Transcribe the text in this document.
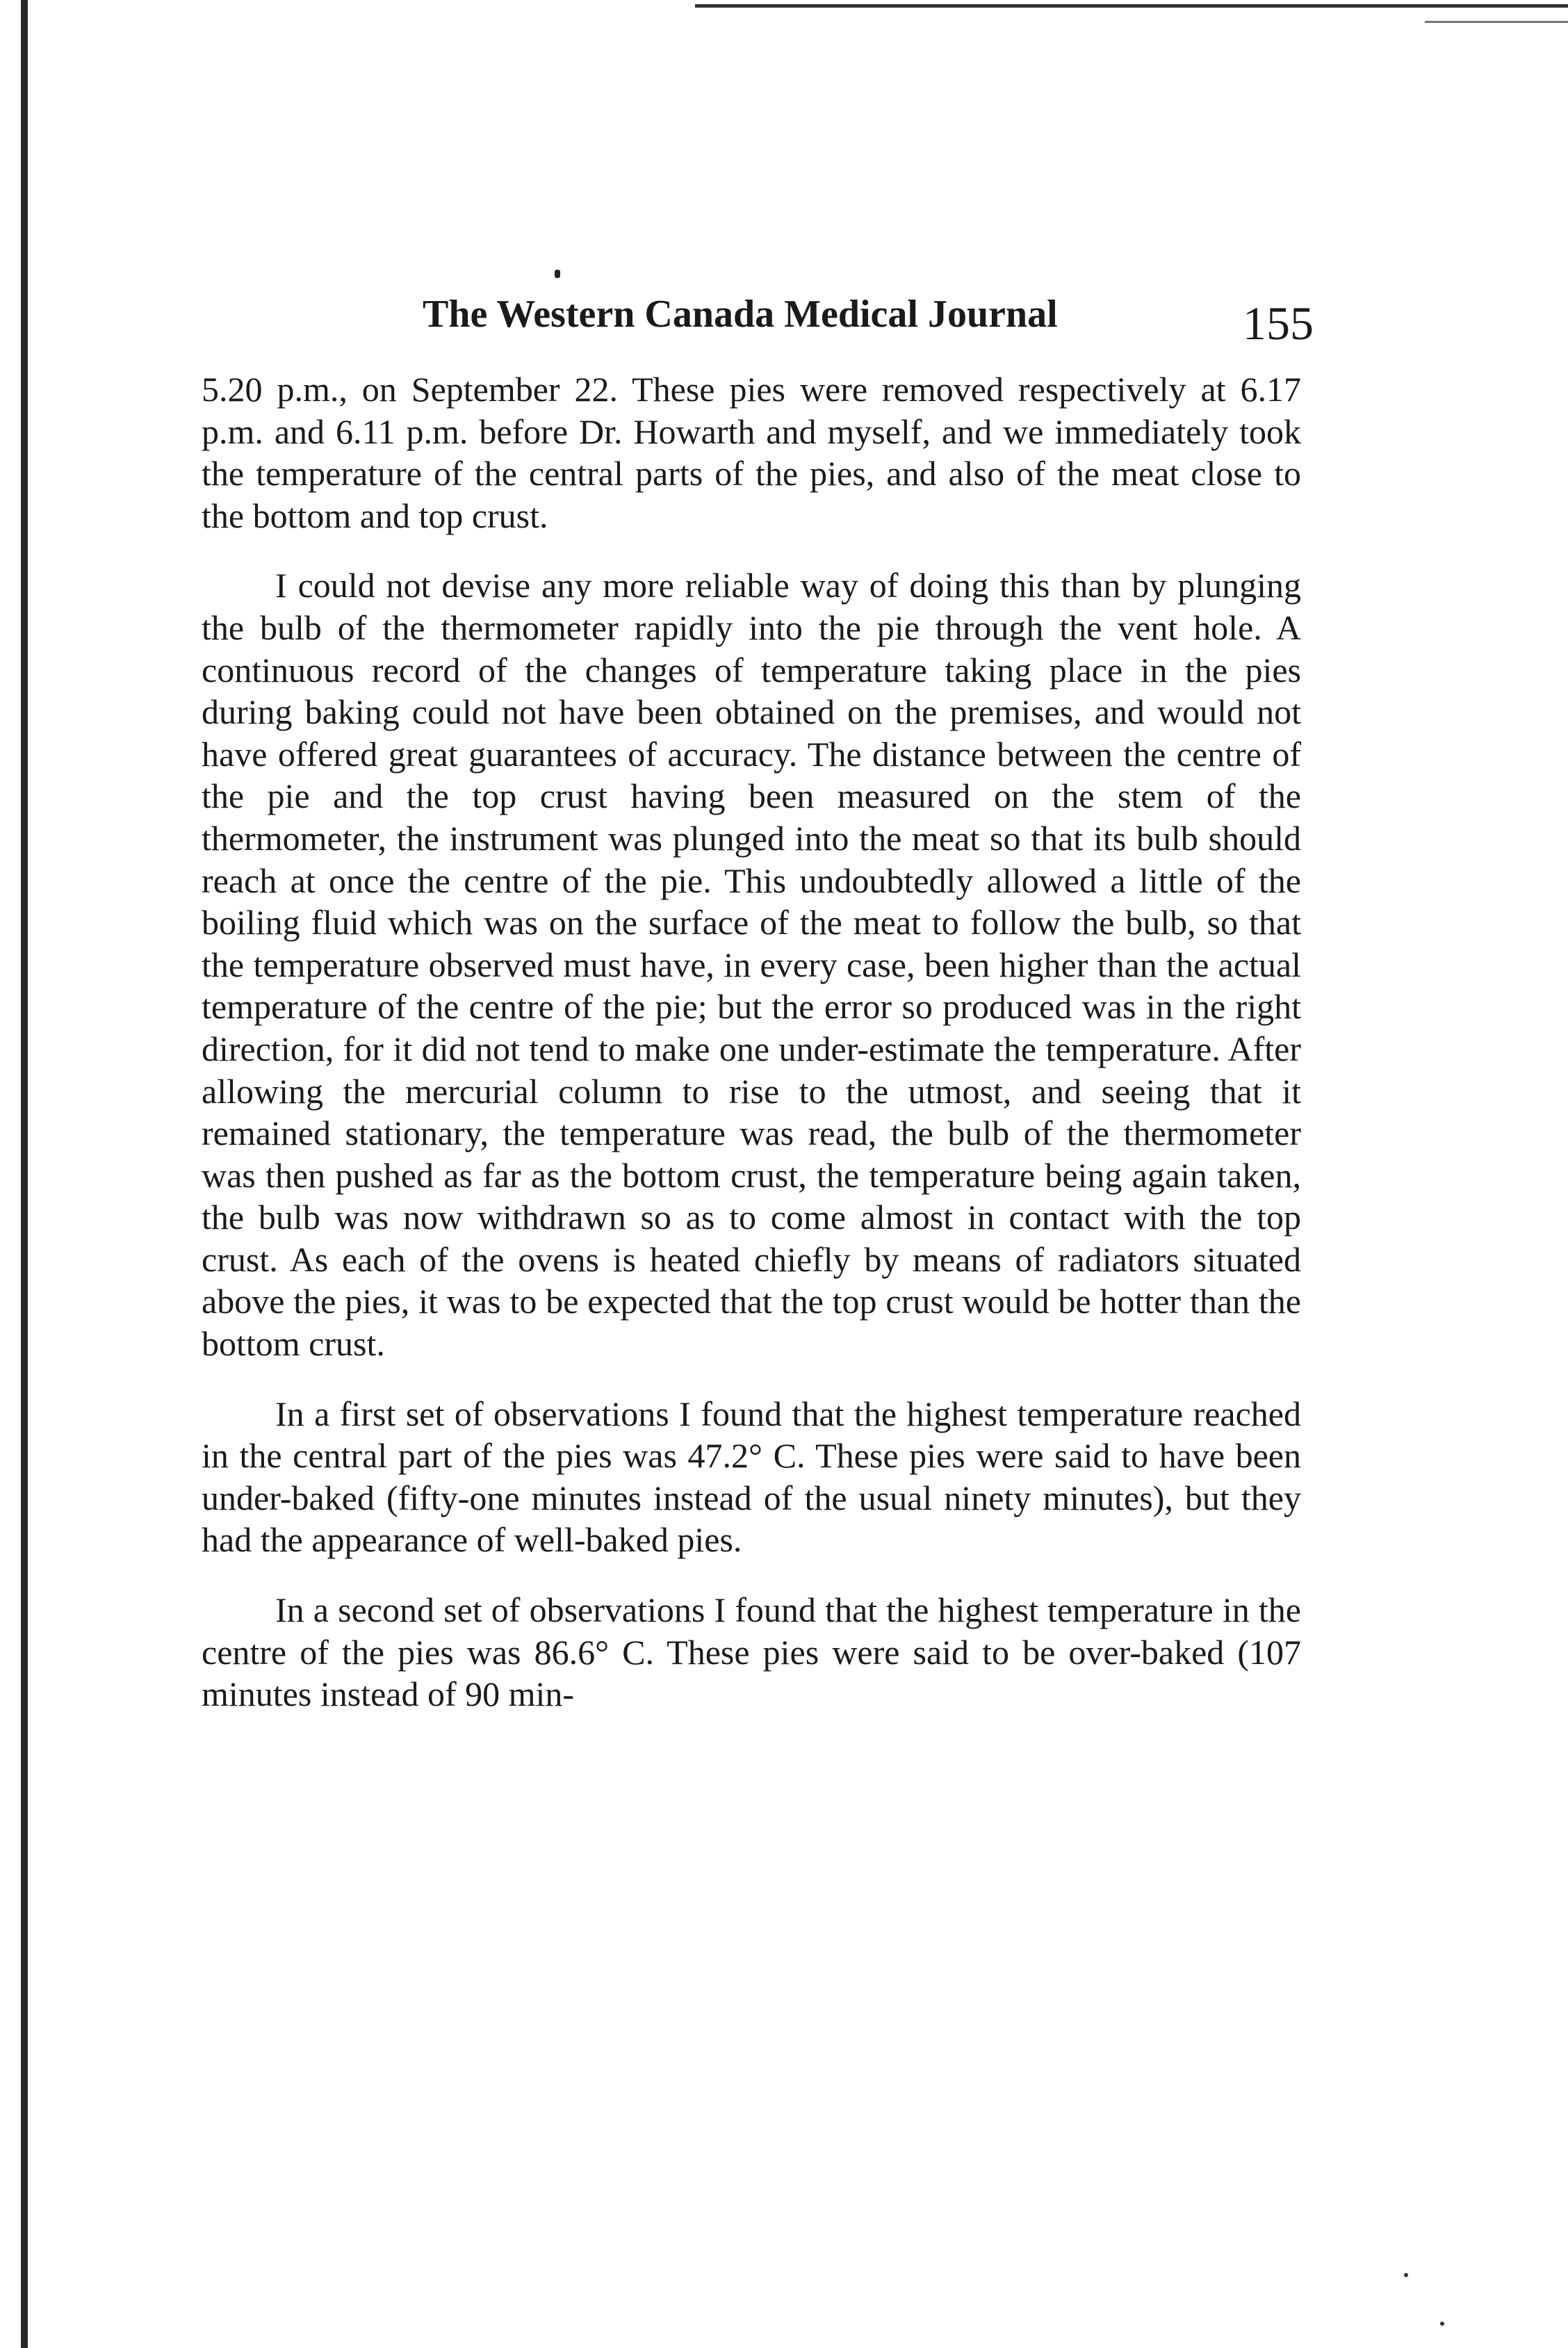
The Western Canada Medical Journal	155

5.20 p.m., on September 22. These pies were removed respectively at 6.17 p.m. and 6.11 p.m. before Dr. Howarth and myself, and we immediately took the temperature of the central parts of the pies, and also of the meat close to the bottom and top crust.

I could not devise any more reliable way of doing this than by plunging the bulb of the thermometer rapidly into the pie through the vent hole. A continuous record of the changes of temperature taking place in the pies during baking could not have been obtained on the premises, and would not have offered great guarantees of accuracy. The distance between the centre of the pie and the top crust having been measured on the stem of the thermometer, the instrument was plunged into the meat so that its bulb should reach at once the centre of the pie. This undoubtedly allowed a little of the boiling fluid which was on the surface of the meat to follow the bulb, so that the temperature observed must have, in every case, been higher than the actual temperature of the centre of the pie; but the error so produced was in the right direction, for it did not tend to make one under-estimate the temperature. After allowing the mercurial column to rise to the utmost, and seeing that it remained stationary, the temperature was read, the bulb of the thermometer was then pushed as far as the bottom crust, the temperature being again taken, the bulb was now withdrawn so as to come almost in contact with the top crust. As each of the ovens is heated chiefly by means of radiators situated above the pies, it was to be expected that the top crust would be hotter than the bottom crust.

In a first set of observations I found that the highest temperature reached in the central part of the pies was 47.2° C. These pies were said to have been under-baked (fifty-one minutes instead of the usual ninety minutes), but they had the appearance of well-baked pies.

In a second set of observations I found that the highest temperature in the centre of the pies was 86.6° C. These pies were said to be over-baked (107 minutes instead of 90 min-
